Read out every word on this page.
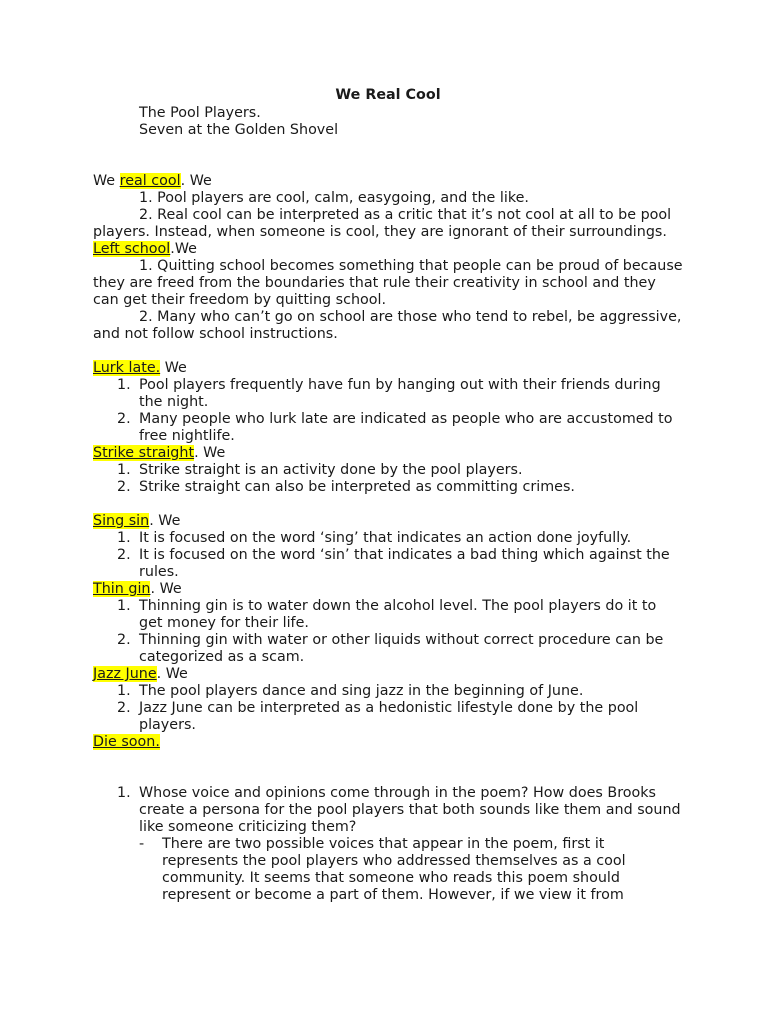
We Real Cool
The Pool Players.
Seven at the Golden Shovel
We real cool. We

1. Pool players are cool, calm, easygoing, and the like.

2. Real cool can be interpreted as a critic that it’s not cool at all to be pool players. Instead, when someone is cool, they are ignorant of their surroundings.

Left school.We

1. Quitting school becomes something that people can be proud of because they are freed from the boundaries that rule their creativity in school and they can get their freedom by quitting school.

2. Many who can’t go on school are those who tend to rebel, be aggressive, and not follow school instructions.

Lurk late. We
1. Pool players frequently have fun by hanging out with their friends during the night.
2. Many people who lurk late are indicated as people who are accustomed to free nightlife.
Strike straight. We
1. Strike straight is an activity done by the pool players.
2. Strike straight can also be interpreted as committing crimes.
Sing sin. We
1. It is focused on the word ‘sing’ that indicates an action done joyfully.
2. It is focused on the word ‘sin’ that indicates a bad thing which against the rules.
Thin gin. We
1. Thinning gin is to water down the alcohol level. The pool players do it to get money for their life.
2. Thinning gin with water or other liquids without correct procedure can be categorized as a scam.
Jazz June. We
1. The pool players dance and sing jazz in the beginning of June.
2. Jazz June can be interpreted as a hedonistic lifestyle done by the pool players.
Die soon.
1. Whose voice and opinions come through in the poem? How does Brooks create a persona for the pool players that both sounds like them and sound like someone criticizing them?
- There are two possible voices that appear in the poem, first it represents the pool players who addressed themselves as a cool community. It seems that someone who reads this poem should represent or become a part of them. However, if we view it from
